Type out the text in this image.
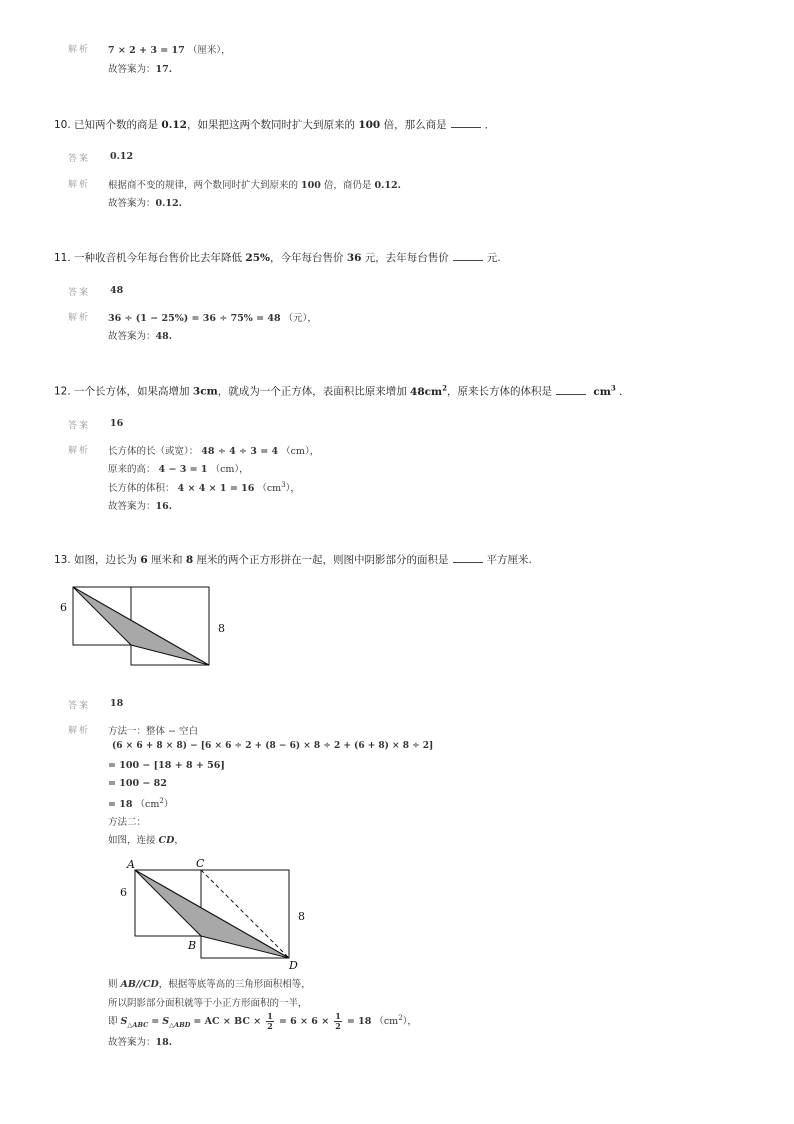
解析 7 × 2 + 3 = 17 （厘米），
故答案为：17.
10. 已知两个数的商是 0.12，如果把这两个数同时扩大到原来的 100 倍，那么商是	．
答案 0.12
解析 根据商不变的规律，两个数同时扩大到原来的 100 倍，商仍是 0.12.
故答案为：0.12.
11. 一种收音机今年每台售价比去年降低 25%，今年每台售价 36 元，去年每台售价	元.
答案 48
解析 36 ÷ (1 − 25%) = 36 ÷ 75% = 48 （元），
故答案为：48.
12. 一个长方体，如果高增加 3cm，就成为一个正方体，表面积比原来增加 $48cm^2$，原来长方体的体积是	$cm^3$ ．
答案 16
解析 长方体的长（或宽）： 48 ÷ 4 ÷ 3 = 4 （cm），
原来的高： 4 − 3 = 1 （cm），
长方体的体积： 4 × 4 × 1 = 16 $(cm^3)$，
故答案为：16.
13. 如图，边长为 6 厘米和 8 厘米的两个正方形拼在一起，则图中阴影部分的面积是	平方厘米.
6
8
答案 18
解析 方法一：整体 − 空白
(6 × 6 + 8 × 8) − [6 × 6 ÷ 2 + (8 − 6) × 8 ÷ 2 + (6 + 8) × 8 ÷ 2]
= 100 − [18 + 8 + 56]
= 100 − 82
= 18 $(cm^2)$
方法二：
如图，连接 CD，
A	C
B
D
6
8
则 AB//CD，根据等底等高的三角形面积相等，
所以阴影部分面积就等于小正方形面积的一半，
即 $S_{\triangle ABC} = S_{\triangle ABD}$ = AC × BC × $\frac{1}{2} = 6 \times 6 \times \frac{1}{2} = 18$ $(cm^2)$，
故答案为：18.
